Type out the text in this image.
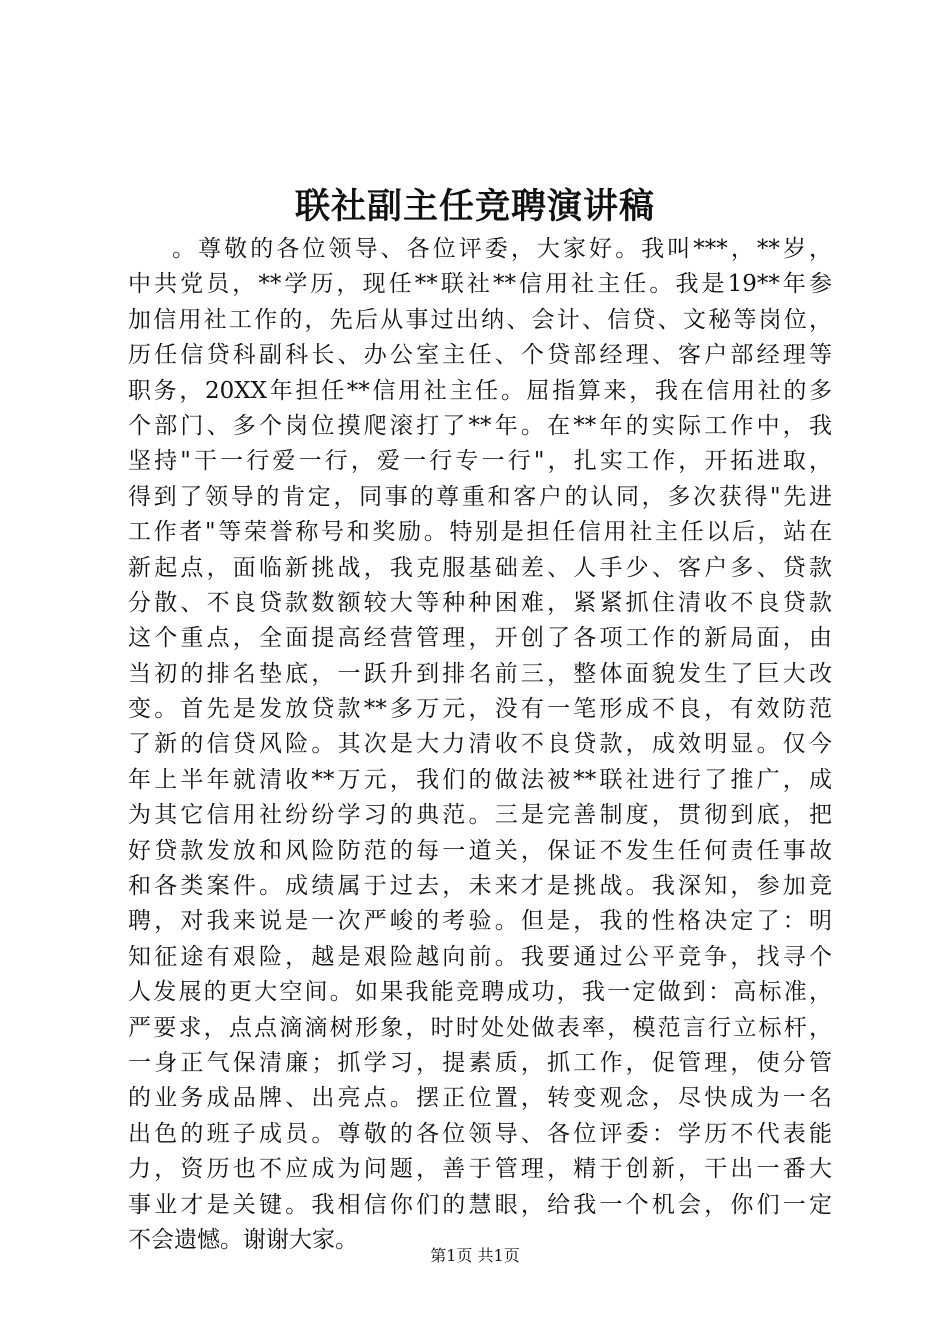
联社副主任竞聘演讲稿
。尊敬的各位领导、各位评委，大家好。我叫***，**岁，
中共党员，**学历，现任**联社**信用社主任。我是19**年参
加信用社工作的，先后从事过出纳、会计、信贷、文秘等岗位，
历任信贷科副科长、办公室主任、个贷部经理、客户部经理等
职务，20XX年担任**信用社主任。屈指算来，我在信用社的多
个部门、多个岗位摸爬滚打了**年。在**年的实际工作中，我
坚持"干一行爱一行，爱一行专一行"，扎实工作，开拓进取，
得到了领导的肯定，同事的尊重和客户的认同，多次获得"先进
工作者"等荣誉称号和奖励。特别是担任信用社主任以后，站在
新起点，面临新挑战，我克服基础差、人手少、客户多、贷款
分散、不良贷款数额较大等种种困难，紧紧抓住清收不良贷款
这个重点，全面提高经营管理，开创了各项工作的新局面，由
当初的排名垫底，一跃升到排名前三，整体面貌发生了巨大改
变。首先是发放贷款**多万元，没有一笔形成不良，有效防范
了新的信贷风险。其次是大力清收不良贷款，成效明显。仅今
年上半年就清收**万元，我们的做法被**联社进行了推广，成
为其它信用社纷纷学习的典范。三是完善制度，贯彻到底，把
好贷款发放和风险防范的每一道关，保证不发生任何责任事故
和各类案件。成绩属于过去，未来才是挑战。我深知，参加竞
聘，对我来说是一次严峻的考验。但是，我的性格决定了：明
知征途有艰险，越是艰险越向前。我要通过公平竞争，找寻个
人发展的更大空间。如果我能竞聘成功，我一定做到：高标准，
严要求，点点滴滴树形象，时时处处做表率，模范言行立标杆，
一身正气保清廉；抓学习，提素质，抓工作，促管理，使分管
的业务成品牌、出亮点。摆正位置，转变观念，尽快成为一名
出色的班子成员。尊敬的各位领导、各位评委：学历不代表能
力，资历也不应成为问题，善于管理，精于创新，干出一番大
事业才是关键。我相信你们的慧眼，给我一个机会，你们一定
不会遗憾。谢谢大家。
第1页 共1页
